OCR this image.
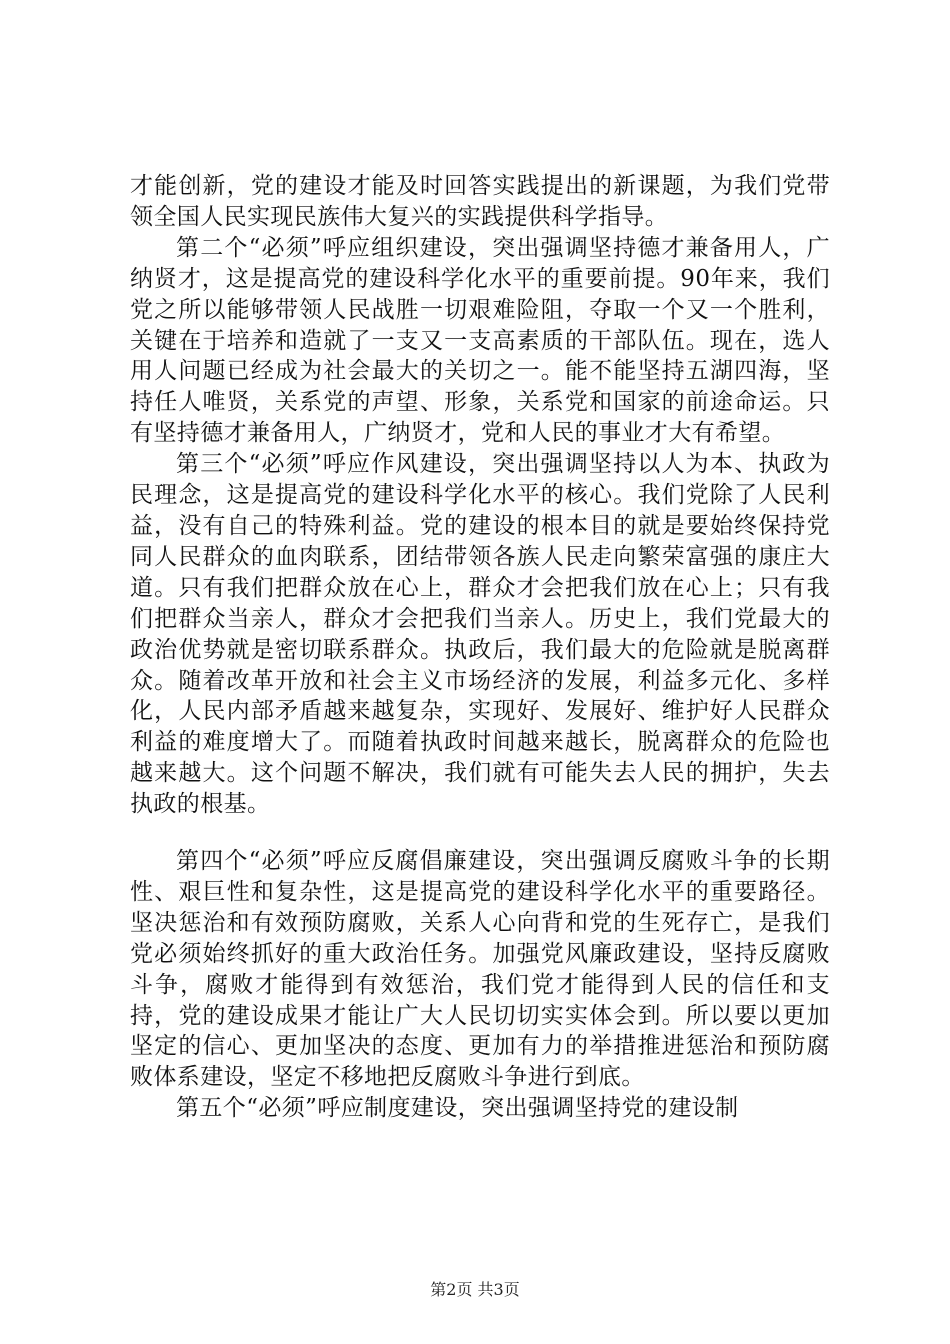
才能创新，党的建设才能及时回答实践提出的新课题，为我们党带领全国人民实现民族伟大复兴的实践提供科学指导。

第二个“必须”呼应组织建设，突出强调坚持德才兼备用人，广纳贤才，这是提高党的建设科学化水平的重要前提。90年来，我们党之所以能够带领人民战胜一切艰难险阻，夺取一个又一个胜利，关键在于培养和造就了一支又一支高素质的干部队伍。现在，选人用人问题已经成为社会最大的关切之一。能不能坚持五湖四海，坚持任人唯贤，关系党的声望、形象，关系党和国家的前途命运。只有坚持德才兼备用人，广纳贤才，党和人民的事业才大有希望。

第三个“必须”呼应作风建设，突出强调坚持以人为本、执政为民理念，这是提高党的建设科学化水平的核心。我们党除了人民利益，没有自己的特殊利益。党的建设的根本目的就是要始终保持党同人民群众的血肉联系，团结带领各族人民走向繁荣富强的康庄大道。只有我们把群众放在心上，群众才会把我们放在心上；只有我们把群众当亲人，群众才会把我们当亲人。历史上，我们党最大的政治优势就是密切联系群众。执政后，我们最大的危险就是脱离群众。随着改革开放和社会主义市场经济的发展，利益多元化、多样化，人民内部矛盾越来越复杂，实现好、发展好、维护好人民群众利益的难度增大了。而随着执政时间越来越长，脱离群众的危险也越来越大。这个问题不解决，我们就有可能失去人民的拥护，失去执政的根基。

第四个“必须”呼应反腐倡廉建设，突出强调反腐败斗争的长期性、艰巨性和复杂性，这是提高党的建设科学化水平的重要路径。坚决惩治和有效预防腐败，关系人心向背和党的生死存亡，是我们党必须始终抓好的重大政治任务。加强党风廉政建设，坚持反腐败斗争，腐败才能得到有效惩治，我们党才能得到人民的信任和支持，党的建设成果才能让广大人民切切实实体会到。所以要以更加坚定的信心、更加坚决的态度、更加有力的举措推进惩治和预防腐败体系建设，坚定不移地把反腐败斗争进行到底。

第五个“必须”呼应制度建设，突出强调坚持党的建设制

第2页 共3页
